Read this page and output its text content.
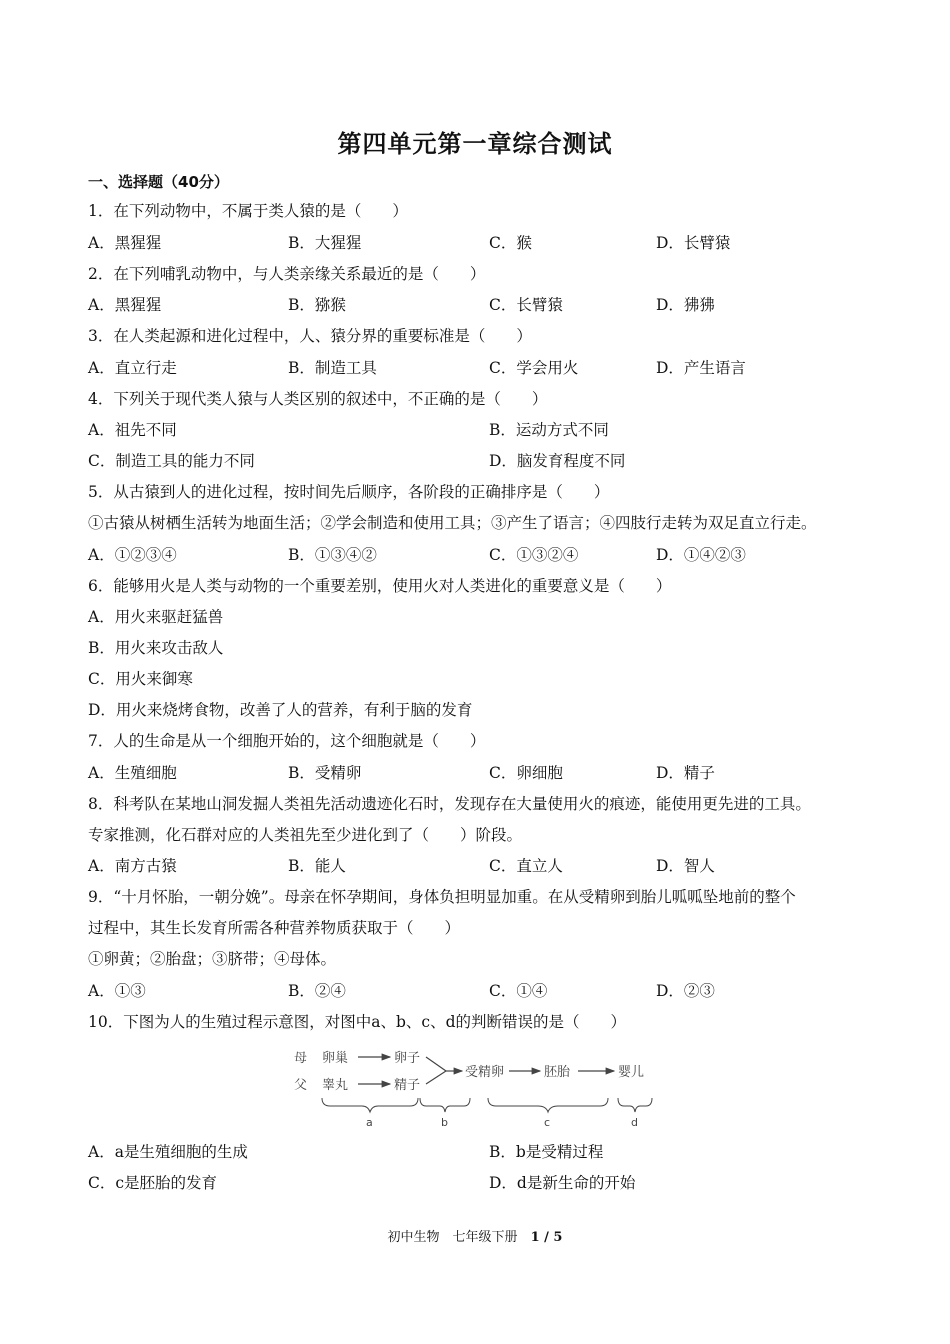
第四单元第一章综合测试
一、选择题（40分）
1．在下列动物中，不属于类人猿的是（　　）
A．黑猩猩	B．大猩猩	C．猴	D．长臂猿
2．在下列哺乳动物中，与人类亲缘关系最近的是（　　）
A．黑猩猩	B．猕猴	C．长臂猿	D．狒狒
3．在人类起源和进化过程中，人、猿分界的重要标准是（　　）
A．直立行走	B．制造工具	C．学会用火	D．产生语言
4．下列关于现代类人猿与人类区别的叙述中，不正确的是（　　）
A．祖先不同	B．运动方式不同
C．制造工具的能力不同	D．脑发育程度不同
5．从古猿到人的进化过程，按时间先后顺序，各阶段的正确排序是（　　）
①古猿从树栖生活转为地面生活；②学会制造和使用工具；③产生了语言；④四肢行走转为双足直立行走。
A．①②③④	B．①③④②	C．①③②④	D．①④②③
6．能够用火是人类与动物的一个重要差别，使用火对人类进化的重要意义是（　　）
A．用火来驱赶猛兽
B．用火来攻击敌人
C．用火来御寒
D．用火来烧烤食物，改善了人的营养，有利于脑的发育
7．人的生命是从一个细胞开始的，这个细胞就是（　　）
A．生殖细胞	B．受精卵	C．卵细胞	D．精子
8．科考队在某地山洞发掘人类祖先活动遗迹化石时，发现存在大量使用火的痕迹，能使用更先进的工具。
专家推测，化石群对应的人类祖先至少进化到了（　　）阶段。
A．南方古猿	B．能人	C．直立人	D．智人
9．“十月怀胎，一朝分娩”。母亲在怀孕期间，身体负担明显加重。在从受精卵到胎儿呱呱坠地前的整个
过程中，其生长发育所需各种营养物质获取于（　　）
①卵黄；②胎盘；③脐带；④母体。
A．①③	B．②④	C．①④	D．②③
10．下图为人的生殖过程示意图，对图中a、b、c、d的判断错误的是（　　）
母 卵巢	卵子
父 睾丸	精子
受精卵	胚胎	婴儿
a	b	c	d
A．a是生殖细胞的生成	B．b是受精过程
C．c是胚胎的发育	D．d是新生命的开始
初中生物　七年级下册　1 / 5
